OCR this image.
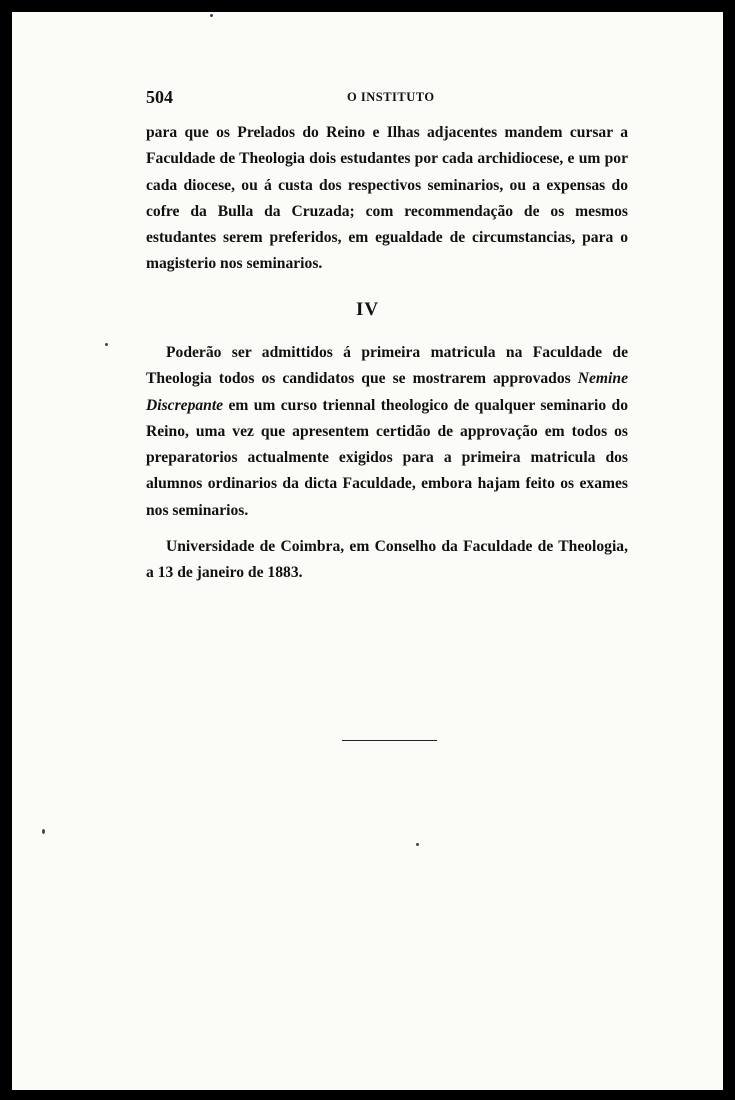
504	O INSTITUTO
para que os Prelados do Reino e Ilhas adjacentes mandem cursar a Faculdade de Theologia dois estudantes por cada archidiocese, e um por cada diocese, ou á custa dos respectivos seminarios, ou a expensas do cofre da Bulla da Cruzada; com recommendação de os mesmos estudantes serem preferidos, em egualdade de circumstancias, para o magisterio nos seminarios.
IV
Poderão ser admittidos á primeira matricula na Faculdade de Theologia todos os candidatos que se mostrarem approvados Nemine Discrepante em um curso triennal theologico de qualquer seminario do Reino, uma vez que apresentem certidão de approvação em todos os preparatorios actualmente exigidos para a primeira matricula dos alumnos ordinarios da dicta Faculdade, embora hajam feito os exames nos seminarios.
Universidade de Coimbra, em Conselho da Faculdade de Theologia, a 13 de janeiro de 1883.
